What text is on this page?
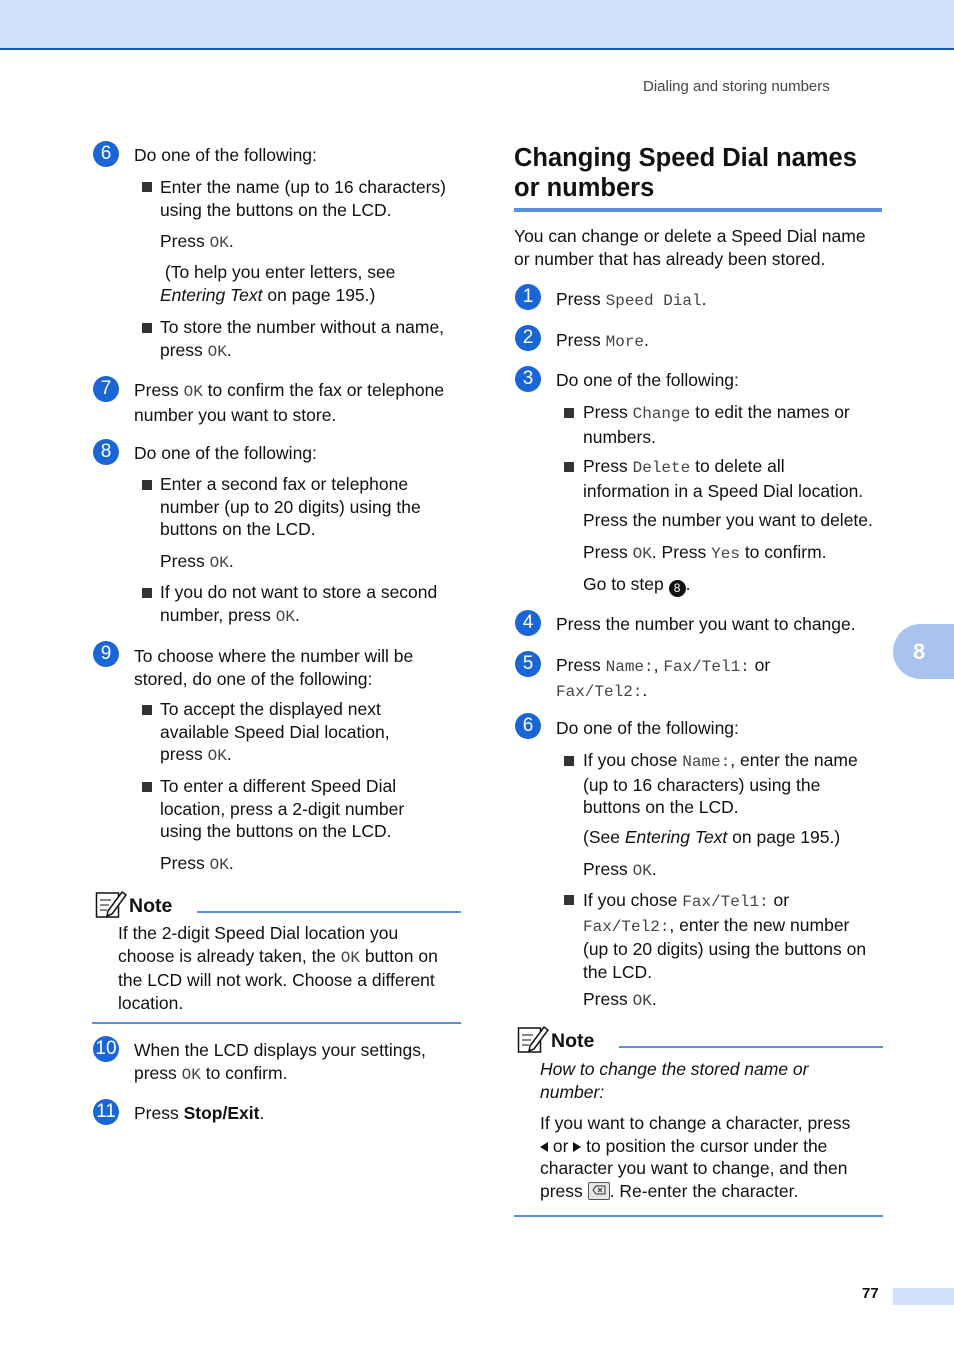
Dialing and storing numbers
8
6	Do one of the following:

Enter the name (up to 16 characters)
using the buttons on the LCD.

Press OK.

(To help you enter letters, see
Entering Text on page 195.)

To store the number without a name,
press OK.

7	Press OK to confirm the fax or telephone
number you want to store.

8	Do one of the following:

Enter a second fax or telephone
number (up to 20 digits) using the
buttons on the LCD.

Press OK.

If you do not want to store a second
number, press OK.

9	To choose where the number will be
stored, do one of the following:

To accept the displayed next
available Speed Dial location,
press OK.

To enter a different Speed Dial
location, press a 2-digit number
using the buttons on the LCD.

Press OK.

Note

If the 2-digit Speed Dial location you
choose is already taken, the OK button on
the LCD will not work. Choose a different
location.

10 When the LCD displays your settings,
press OK to confirm.

11 Press Stop/Exit.

Changing Speed Dial names
or numbers

You can change or delete a Speed Dial name
or number that has already been stored.

1	Press Speed Dial.

2	Press More.

3	Do one of the following:

Press Change to edit the names or
numbers.

Press Delete to delete all
information in a Speed Dial location.

Press the number you want to delete.

Press OK. Press Yes to confirm.

Go to step 8 .

4	Press the number you want to change.

5	Press Name:, Fax/Tel1: or
Fax/Tel2:.

6	Do one of the following:

If you chose Name:, enter the name
(up to 16 characters) using the
buttons on the LCD.

(See Entering Text on page 195.)

Press OK.

If you chose Fax/Tel1: or
Fax/Tel2:, enter the new number
(up to 20 digits) using the buttons on
the LCD.

Press OK.

Note

How to change the stored name or
number:

If you want to change a character, press
or  to position the cursor under the
character you want to change, and then
press
. Re-enter the character.

77
